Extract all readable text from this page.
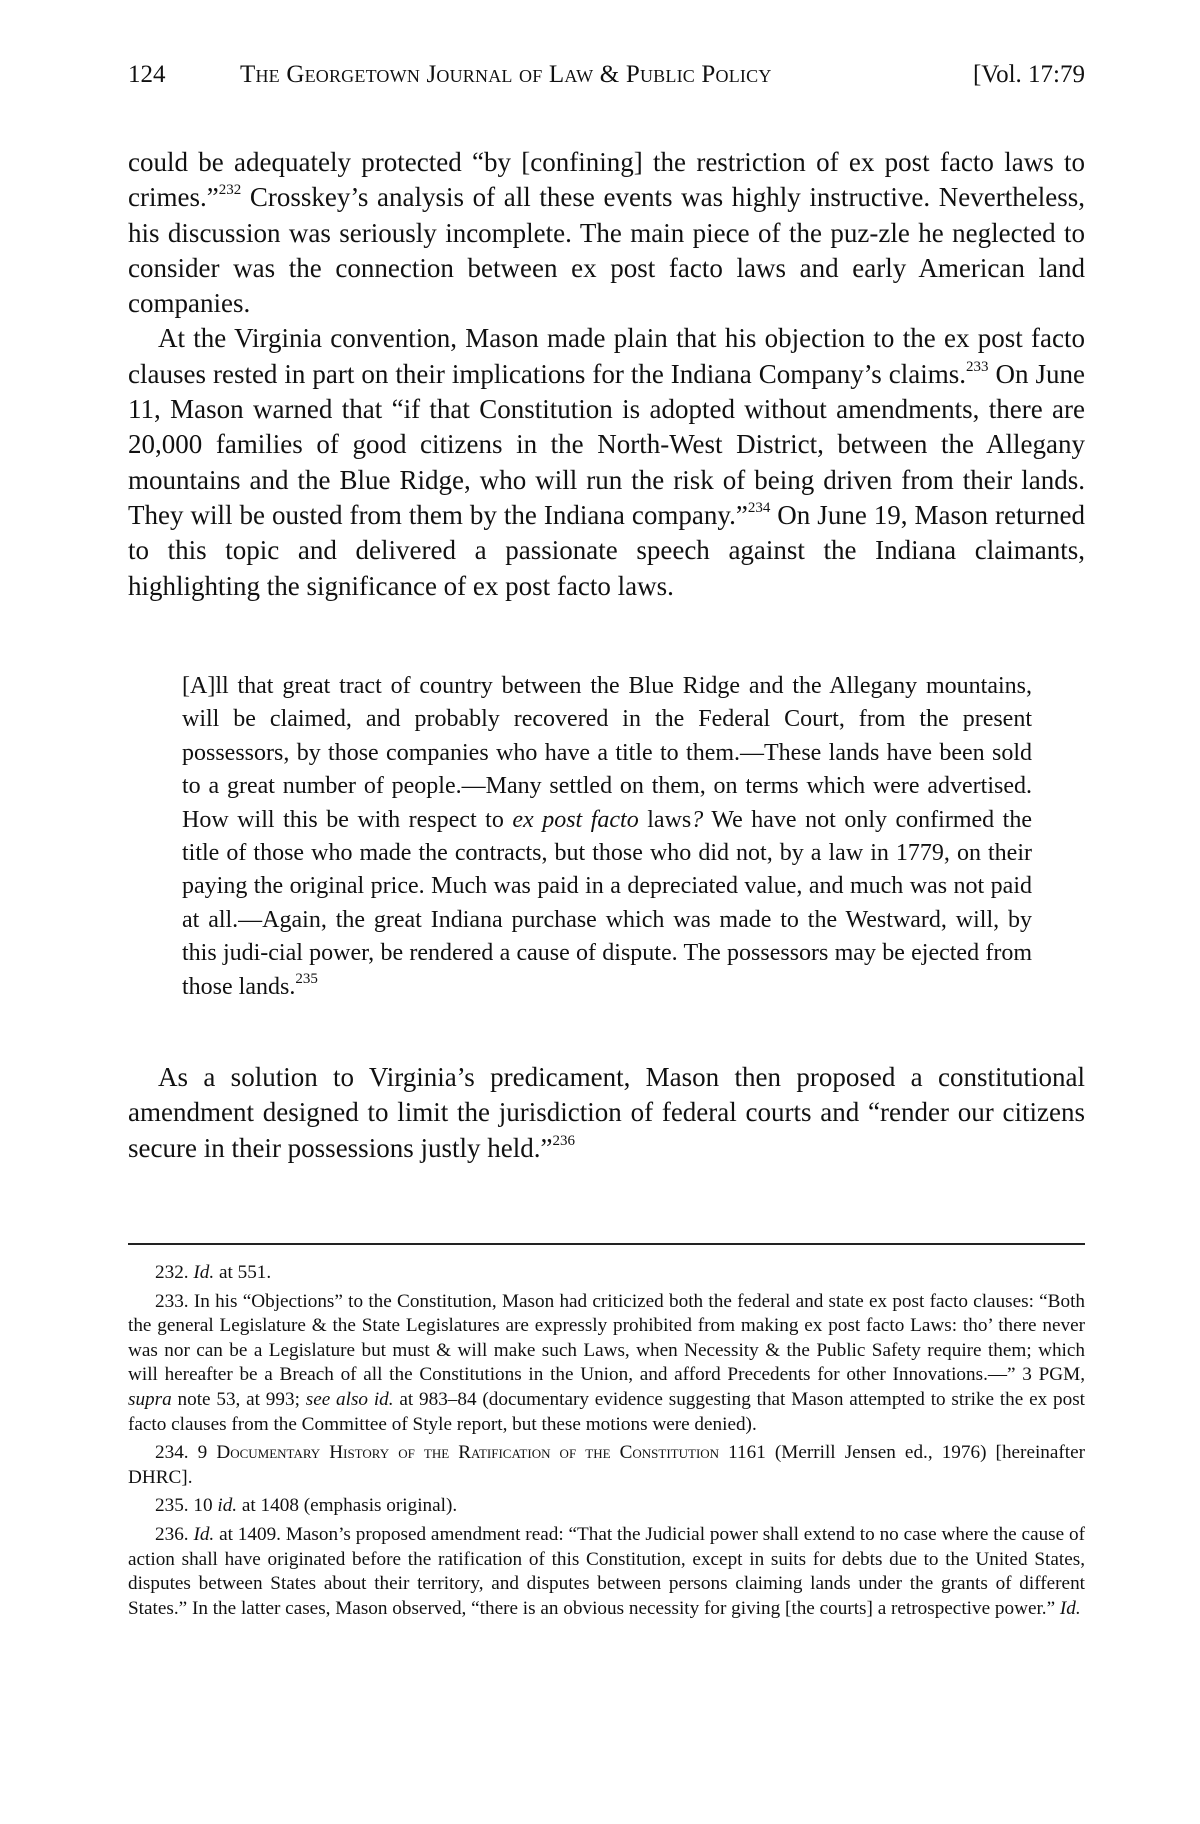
124	The Georgetown Journal of Law & Public Policy	[Vol. 17:79

could be adequately protected “by [confining] the restriction of ex post facto laws to crimes.”$^{232}$ Crosskey’s analysis of all these events was highly instructive. Nevertheless, his discussion was seriously incomplete. The main piece of the puz-zle he neglected to consider was the connection between ex post facto laws and early American land companies.

At the Virginia convention, Mason made plain that his objection to the ex post facto clauses rested in part on their implications for the Indiana Company’s claims.$^{233}$ On June 11, Mason warned that “if that Constitution is adopted without amendments, there are 20,000 families of good citizens in the North-West District, between the Allegany mountains and the Blue Ridge, who will run the risk of being driven from their lands. They will be ousted from them by the Indiana company.”$^{234}$ On June 19, Mason returned to this topic and delivered a passionate speech against the Indiana claimants, highlighting the significance of ex post facto laws.

[A]ll that great tract of country between the Blue Ridge and the Allegany mountains, will be claimed, and probably recovered in the Federal Court, from the present possessors, by those companies who have a title to them.—These lands have been sold to a great number of people.—Many settled on them, on terms which were advertised. How will this be with respect to ex post facto laws? We have not only confirmed the title of those who made the contracts, but those who did not, by a law in 1779, on their paying the original price. Much was paid in a depreciated value, and much was not paid at all.—Again, the great Indiana purchase which was made to the Westward, will, by this judi-cial power, be rendered a cause of dispute. The possessors may be ejected from those lands.$^{235}$

As a solution to Virginia’s predicament, Mason then proposed a constitutional amendment designed to limit the jurisdiction of federal courts and “render our citizens secure in their possessions justly held.”$^{236}$

232. Id. at 551.

233. In his “Objections” to the Constitution, Mason had criticized both the federal and state ex post facto clauses: “Both the general Legislature & the State Legislatures are expressly prohibited from making ex post facto Laws: tho’ there never was nor can be a Legislature but must & will make such Laws, when Necessity & the Public Safety require them; which will hereafter be a Breach of all the Constitutions in the Union, and afford Precedents for other Innovations.—” 3 PGM, supra note 53, at 993; see also id. at 983–84 (documentary evidence suggesting that Mason attempted to strike the ex post facto clauses from the Committee of Style report, but these motions were denied).

234. 9 Documentary History of the Ratification of the Constitution 1161 (Merrill Jensen ed., 1976) [hereinafter DHRC].

235. 10 id. at 1408 (emphasis original).

236. Id. at 1409. Mason’s proposed amendment read: “That the Judicial power shall extend to no case where the cause of action shall have originated before the ratification of this Constitution, except in suits for debts due to the United States, disputes between States about their territory, and disputes between persons claiming lands under the grants of different States.” In the latter cases, Mason observed, “there is an obvious necessity for giving [the courts] a retrospective power.” Id.
